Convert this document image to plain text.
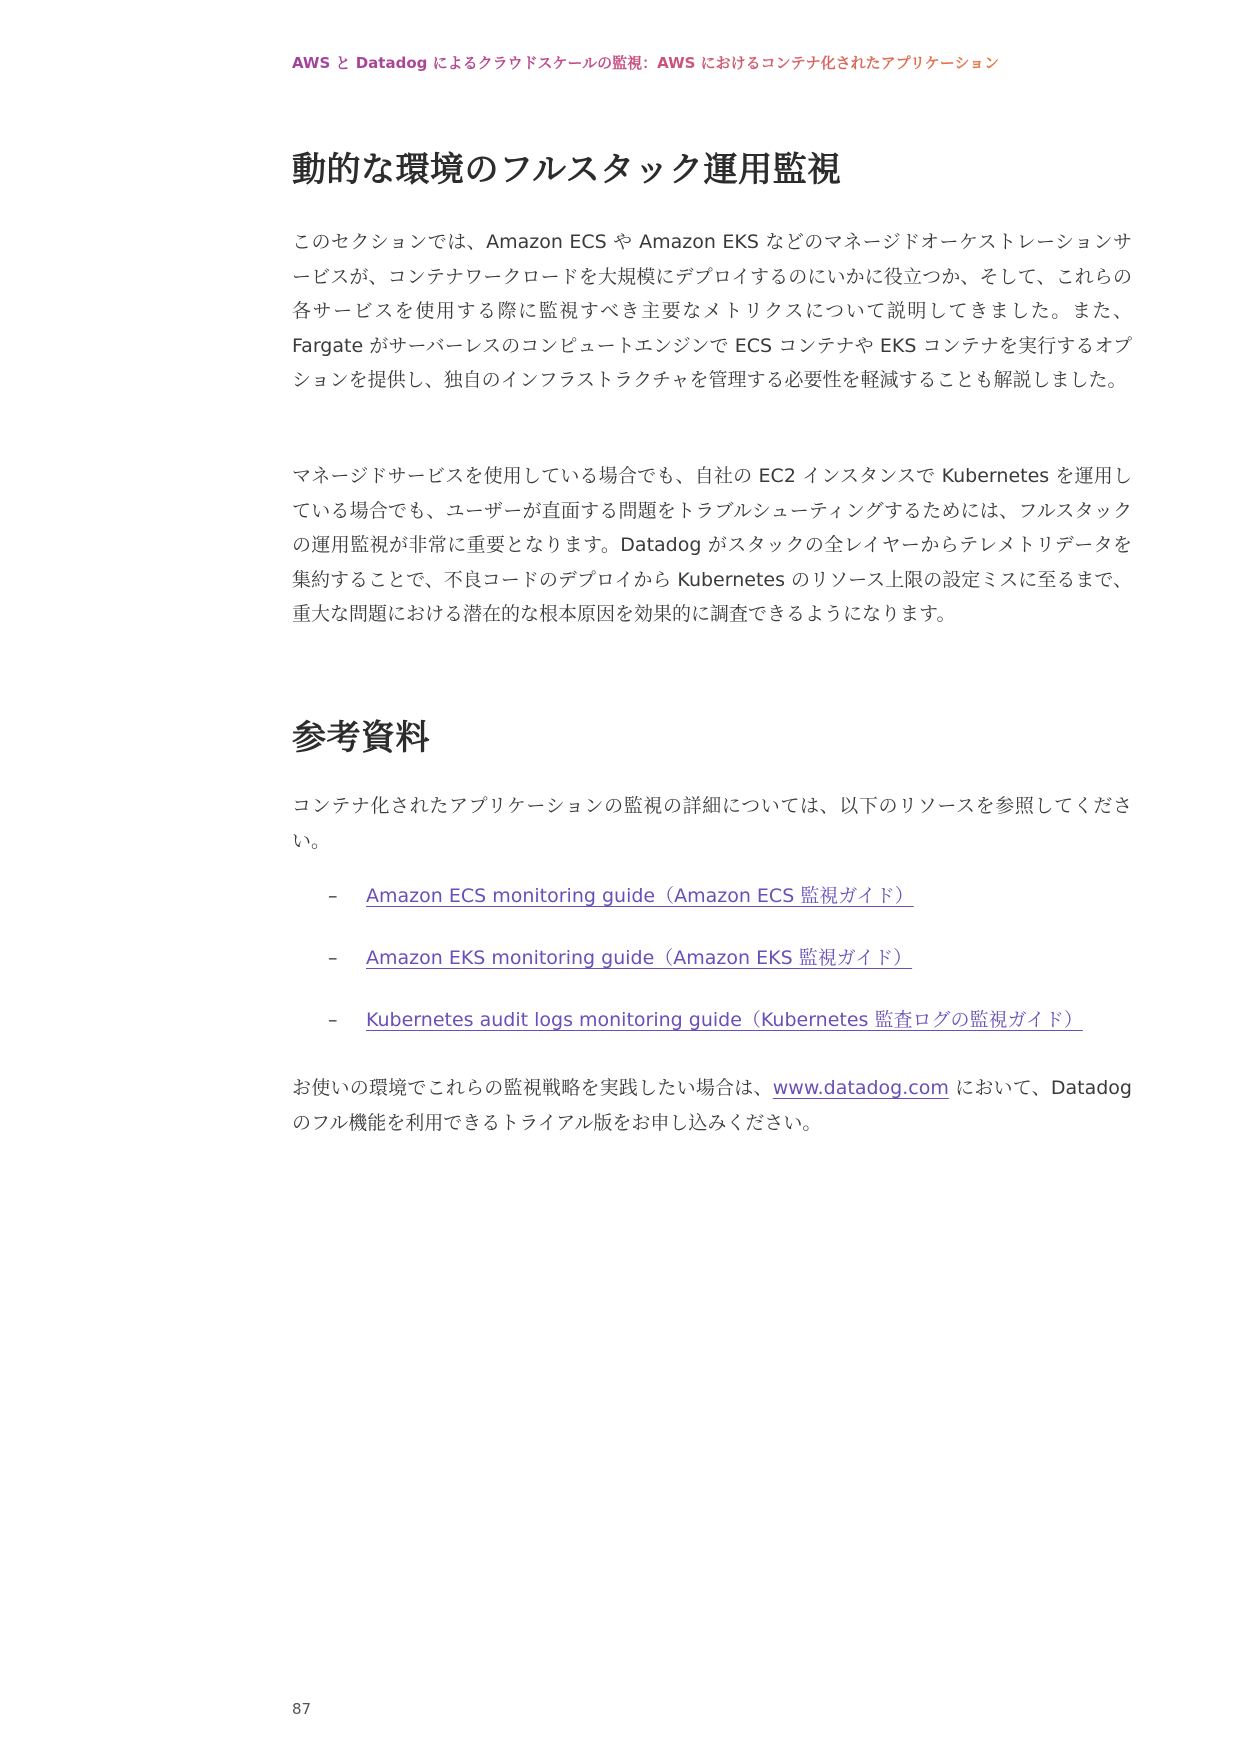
AWS と Datadog によるクラウドスケールの監視：AWS におけるコンテナ化されたアプリケーション
動的な環境のフルスタック運用監視

このセクションでは、Amazon ECS や Amazon EKS などのマネージドオーケストレーションサービスが、コンテナワークロードを大規模にデプロイするのにいかに役立つか、そして、これらの各サービスを使用する際に監視すべき主要なメトリクスについて説明してきました。また、Fargate がサーバーレスのコンピュートエンジンで ECS コンテナや EKS コンテナを実行するオプションを提供し、独自のインフラストラクチャを管理する必要性を軽減することも解説しました。

マネージドサービスを使用している場合でも、自社の EC2 インスタンスで Kubernetes を運用している場合でも、ユーザーが直面する問題をトラブルシューティングするためには、フルスタックの運用監視が非常に重要となります。Datadog がスタックの全レイヤーからテレメトリデータを集約することで、不良コードのデプロイから Kubernetes のリソース上限の設定ミスに至るまで、重大な問題における潜在的な根本原因を効果的に調査できるようになります。

参考資料

コンテナ化されたアプリケーションの監視の詳細については、以下のリソースを参照してください。

–	Amazon ECS monitoring guide（Amazon ECS 監視ガイド）
–	Amazon EKS monitoring guide（Amazon EKS 監視ガイド）
–	Kubernetes audit logs monitoring guide（Kubernetes 監査ログの監視ガイド）

お使いの環境でこれらの監視戦略を実践したい場合は、www.datadog.com において、Datadog のフル機能を利用できるトライアル版をお申し込みください。

87
